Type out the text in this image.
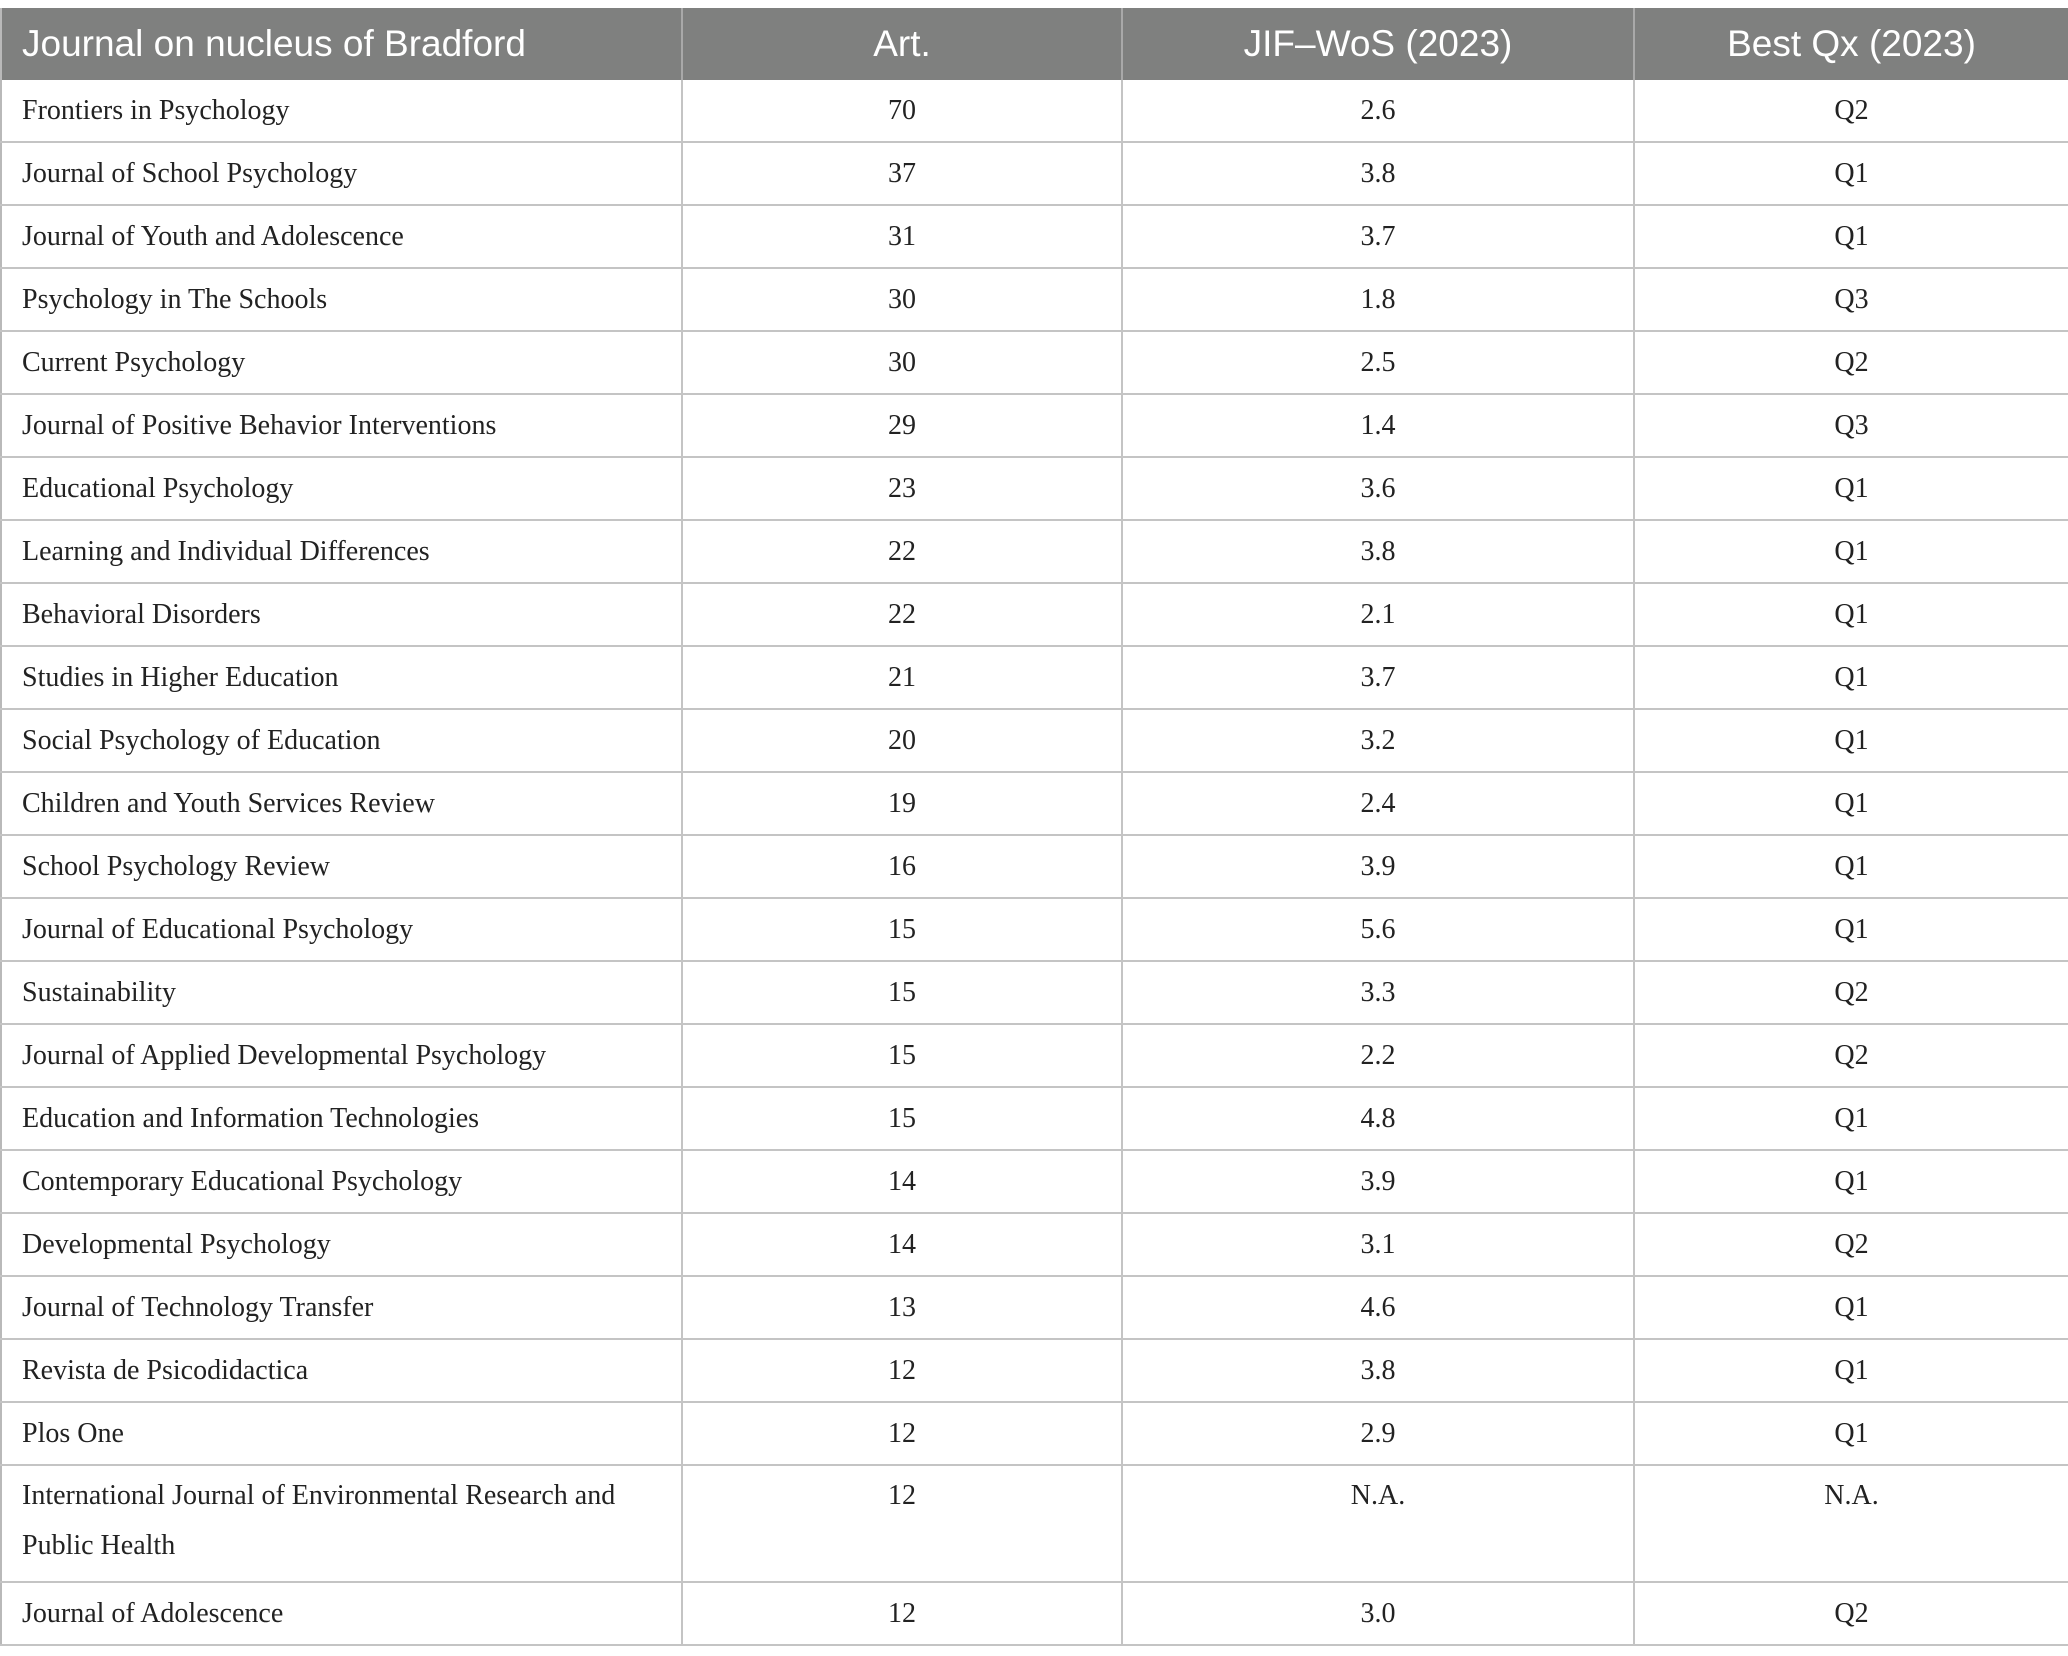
Journal on nucleus of Bradford	Art.	JIF–WoS (2023)	Best Qx (2023)
Frontiers in Psychology	70	2.6	Q2
Journal of School Psychology	37	3.8	Q1
Journal of Youth and Adolescence	31	3.7	Q1
Psychology in The Schools	30	1.8	Q3
Current Psychology	30	2.5	Q2
Journal of Positive Behavior Interventions	29	1.4	Q3
Educational Psychology	23	3.6	Q1
Learning and Individual Differences	22	3.8	Q1
Behavioral Disorders	22	2.1	Q1
Studies in Higher Education	21	3.7	Q1
Social Psychology of Education	20	3.2	Q1
Children and Youth Services Review	19	2.4	Q1
School Psychology Review	16	3.9	Q1
Journal of Educational Psychology	15	5.6	Q1
Sustainability	15	3.3	Q2
Journal of Applied Developmental Psychology	15	2.2	Q2
Education and Information Technologies	15	4.8	Q1
Contemporary Educational Psychology	14	3.9	Q1
Developmental Psychology	14	3.1	Q2
Journal of Technology Transfer	13	4.6	Q1
Revista de Psicodidactica	12	3.8	Q1
Plos One	12	2.9	Q1
International Journal of Environmental Research and Public Health	12	N.A.	N.A.
Journal of Adolescence	12	3.0	Q2
